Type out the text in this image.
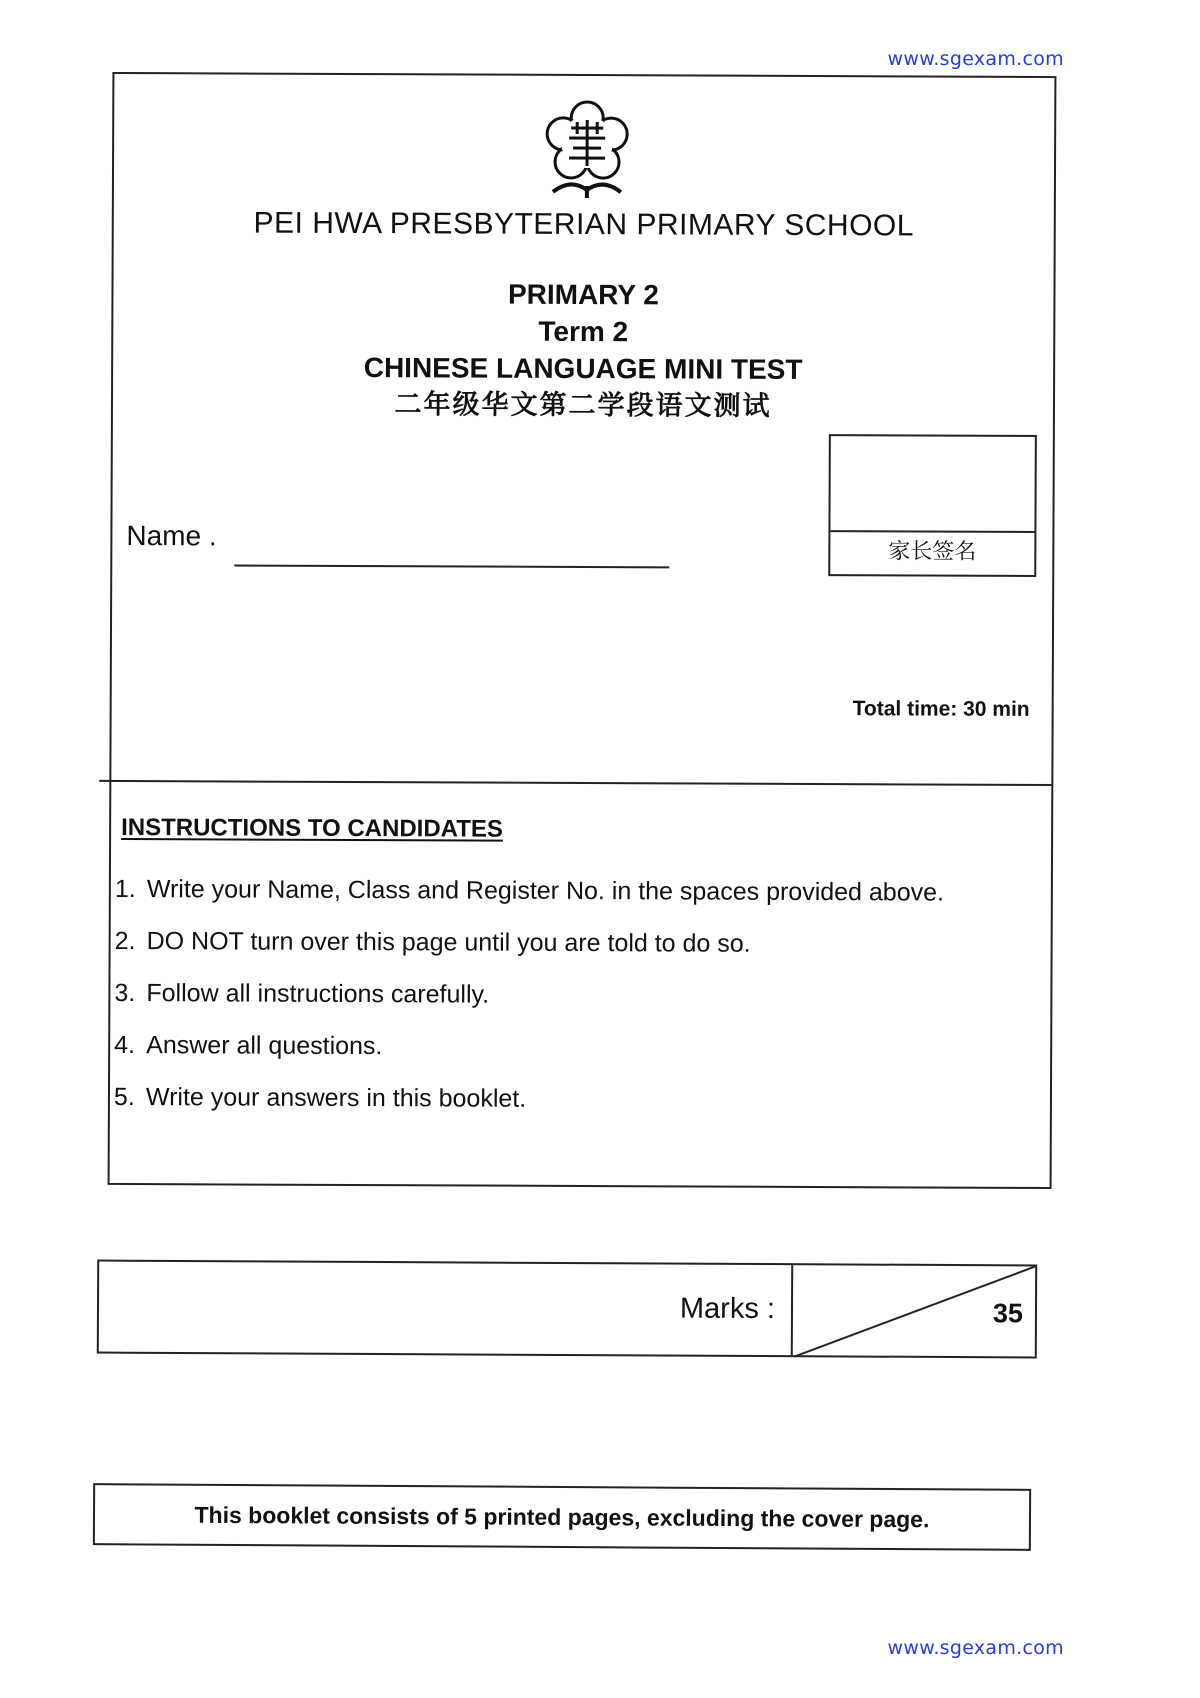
www.sgexam.com
PEI HWA PRESBYTERIAN PRIMARY SCHOOL
PRIMARY 2
Term 2
CHINESE LANGUAGE MINI TEST
二年级华文第二学段语文测试
Name .
家长签名
Total time: 30 min
INSTRUCTIONS TO CANDIDATES
1. Write your Name, Class and Register No. in the spaces provided above.
2. DO NOT turn over this page until you are told to do so.
3. Follow all instructions carefully.
4. Answer all questions.
5. Write your answers in this booklet.
Marks :	35
This booklet consists of 5 printed pages, excluding the cover page.
www.sgexam.com
